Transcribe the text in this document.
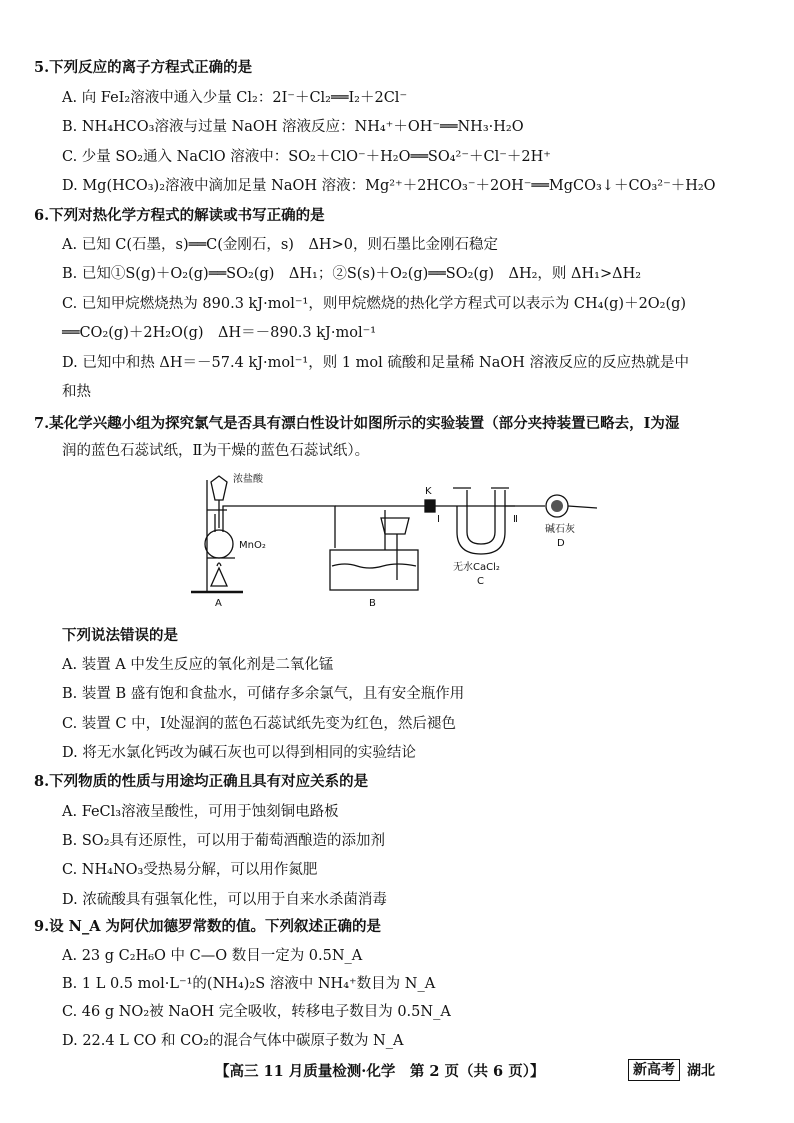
5.下列反应的离子方程式正确的是
A. 向 FeI₂溶液中通入少量 Cl₂：2I⁻＋Cl₂══I₂＋2Cl⁻
B. NH₄HCO₃溶液与过量 NaOH 溶液反应：NH₄⁺＋OH⁻══NH₃·H₂O
C. 少量 SO₂通入 NaClO 溶液中：SO₂＋ClO⁻＋H₂O══SO₄²⁻＋Cl⁻＋2H⁺
D. Mg(HCO₃)₂溶液中滴加足量 NaOH 溶液：Mg²⁺＋2HCO₃⁻＋2OH⁻══MgCO₃↓＋CO₃²⁻＋H₂O
6.下列对热化学方程式的解读或书写正确的是
A. 已知 C(石墨，s)══C(金刚石，s)　ΔH>0，则石墨比金刚石稳定
B. 已知①S(g)＋O₂(g)══SO₂(g)　ΔH₁；②S(s)＋O₂(g)══SO₂(g)　ΔH₂，则 ΔH₁>ΔH₂
C. 已知甲烷燃烧热为 890.3 kJ·mol⁻¹，则甲烷燃烧的热化学方程式可以表示为 CH₄(g)＋2O₂(g)
══CO₂(g)＋2H₂O(g)　ΔH＝－890.3 kJ·mol⁻¹
D. 已知中和热 ΔH＝－57.4 kJ·mol⁻¹，则 1 mol 硫酸和足量稀 NaOH 溶液反应的反应热就是中
和热
7.某化学兴趣小组为探究氯气是否具有漂白性设计如图所示的实验装置（部分夹持装置已略去，Ⅰ为湿
润的蓝色石蕊试纸，Ⅱ为干燥的蓝色石蕊试纸）。
浓盐酸
K
MnO₂
Ⅰ	Ⅱ
无水CaCl₂
碱石灰
A	B
C
D
下列说法错误的是
A. 装置 A 中发生反应的氧化剂是二氧化锰
B. 装置 B 盛有饱和食盐水，可储存多余氯气，且有安全瓶作用
C. 装置 C 中，Ⅰ处湿润的蓝色石蕊试纸先变为红色，然后褪色
D. 将无水氯化钙改为碱石灰也可以得到相同的实验结论
8.下列物质的性质与用途均正确且具有对应关系的是
A. FeCl₃溶液呈酸性，可用于蚀刻铜电路板
B. SO₂具有还原性，可以用于葡萄酒酿造的添加剂
C. NH₄NO₃受热易分解，可以用作氮肥
D. 浓硫酸具有强氧化性，可以用于自来水杀菌消毒
9.设 N_A 为阿伏加德罗常数的值。下列叙述正确的是
A. 23 g C₂H₆O 中 C—O 数目一定为 0.5N_A
B. 1 L 0.5 mol·L⁻¹的(NH₄)₂S 溶液中 NH₄⁺数目为 N_A
C. 46 g NO₂被 NaOH 完全吸收，转移电子数目为 0.5N_A
D. 22.4 L CO 和 CO₂的混合气体中碳原子数为 N_A
【高三 11 月质量检测·化学　第 2 页（共 6 页）】	新高考 湖北
